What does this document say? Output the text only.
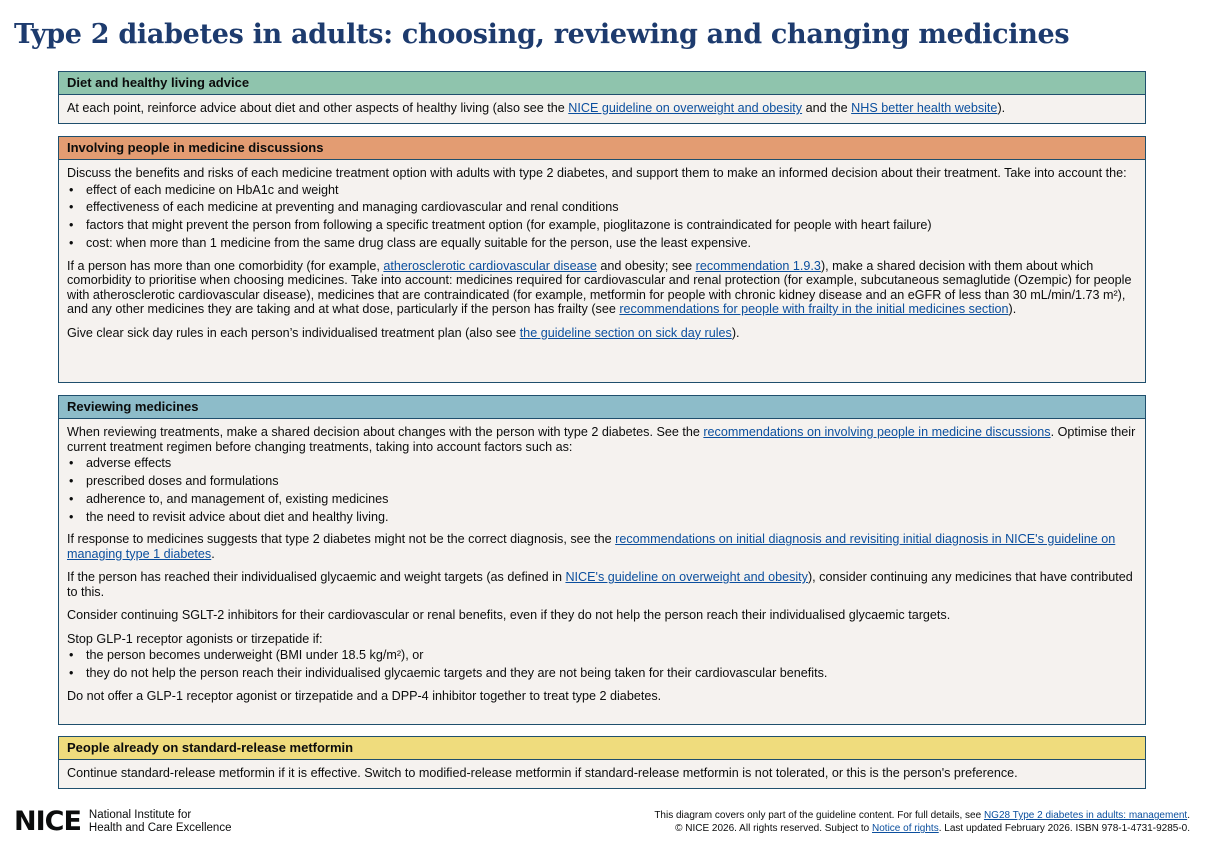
Type 2 diabetes in adults: choosing, reviewing and changing medicines
Diet and healthy living advice

At each point, reinforce advice about diet and other aspects of healthy living (also see the NICE guideline on overweight and obesity and the NHS better health website).

Involving people in medicine discussions

Discuss the benefits and risks of each medicine treatment option with adults with type 2 diabetes, and support them to make an informed decision about their treatment. Take into account the:

• effect of each medicine on HbA1c and weight
• effectiveness of each medicine at preventing and managing cardiovascular and renal conditions
• factors that might prevent the person from following a specific treatment option (for example, pioglitazone is contraindicated for people with heart failure)
• cost: when more than 1 medicine from the same drug class are equally suitable for the person, use the least expensive.

If a person has more than one comorbidity (for example, atherosclerotic cardiovascular disease and obesity; see recommendation 1.9.3), make a shared decision with them about which comorbidity to prioritise when choosing medicines. Take into account: medicines required for cardiovascular and renal protection (for example, subcutaneous semaglutide (Ozempic) for people with atherosclerotic cardiovascular disease), medicines that are contraindicated (for example, metformin for people with chronic kidney disease and an eGFR of less than 30 mL/min/1.73 m²), and any other medicines they are taking and at what dose, particularly if the person has frailty (see recommendations for people with frailty in the initial medicines section).

Give clear sick day rules in each person’s individualised treatment plan (also see the guideline section on sick day rules).

Reviewing medicines

When reviewing treatments, make a shared decision about changes with the person with type 2 diabetes. See the recommendations on involving people in medicine discussions. Optimise their current treatment regimen before changing treatments, taking into account factors such as:

• adverse effects
• prescribed doses and formulations
• adherence to, and management of, existing medicines
• the need to revisit advice about diet and healthy living.

If response to medicines suggests that type 2 diabetes might not be the correct diagnosis, see the recommendations on initial diagnosis and revisiting initial diagnosis in NICE's guideline on managing type 1 diabetes.

If the person has reached their individualised glycaemic and weight targets (as defined in NICE's guideline on overweight and obesity), consider continuing any medicines that have contributed to this.

Consider continuing SGLT-2 inhibitors for their cardiovascular or renal benefits, even if they do not help the person reach their individualised glycaemic targets.

Stop GLP-1 receptor agonists or tirzepatide if:

• the person becomes underweight (BMI under 18.5 kg/m²), or
• they do not help the person reach their individualised glycaemic targets and they are not being taken for their cardiovascular benefits.

Do not offer a GLP-1 receptor agonist or tirzepatide and a DPP-4 inhibitor together to treat type 2 diabetes.

People already on standard-release metformin

Continue standard-release metformin if it is effective. Switch to modified-release metformin if standard-release metformin is not tolerated, or this is the person's preference.

NICE National Institute for
Health and Care Excellence
This diagram covers only part of the guideline content. For full details, see NG28 Type 2 diabetes in adults: management.
© NICE 2026. All rights reserved. Subject to Notice of rights. Last updated February 2026. ISBN 978-1-4731-9285-0.
